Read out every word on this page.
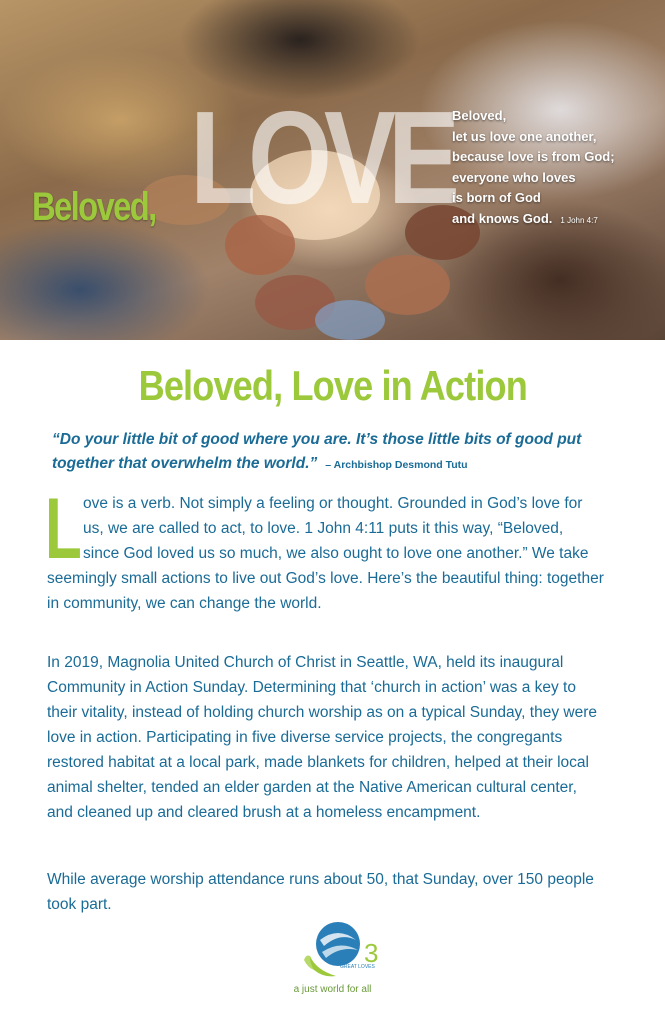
LOVE
Beloved,
Beloved,
let us love one another,
because love is from God;
everyone who loves
is born of God
and knows God. 1 John 4:7
Beloved, Love in Action
“Do your little bit of good where you are. It’s those little bits of good put together that overwhelm the world.” – Archbishop Desmond Tutu
L ove is a verb. Not simply a feeling or thought. Grounded in God’s love for
us, we are called to act, to love. 1 John 4:11 puts it this way, “Beloved,
since God loved us so much, we also ought to love one another.” We take
seemingly small actions to live out God’s love. Here’s the beautiful thing: together
in community, we can change the world.
In 2019, Magnolia United Church of Christ in Seattle, WA, held its inaugural
Community in Action Sunday. Determining that ‘church in action’ was a key to
their vitality, instead of holding church worship as on a typical Sunday, they were
love in action. Participating in five diverse service projects, the congregants
restored habitat at a local park, made blankets for children, helped at their local
animal shelter, tended an elder garden at the Native American cultural center,
and cleaned up and cleared brush at a homeless encampment.
While average worship attendance runs about 50, that Sunday, over 150 people
took part.
3
GREAT LOVES
a just world for all
